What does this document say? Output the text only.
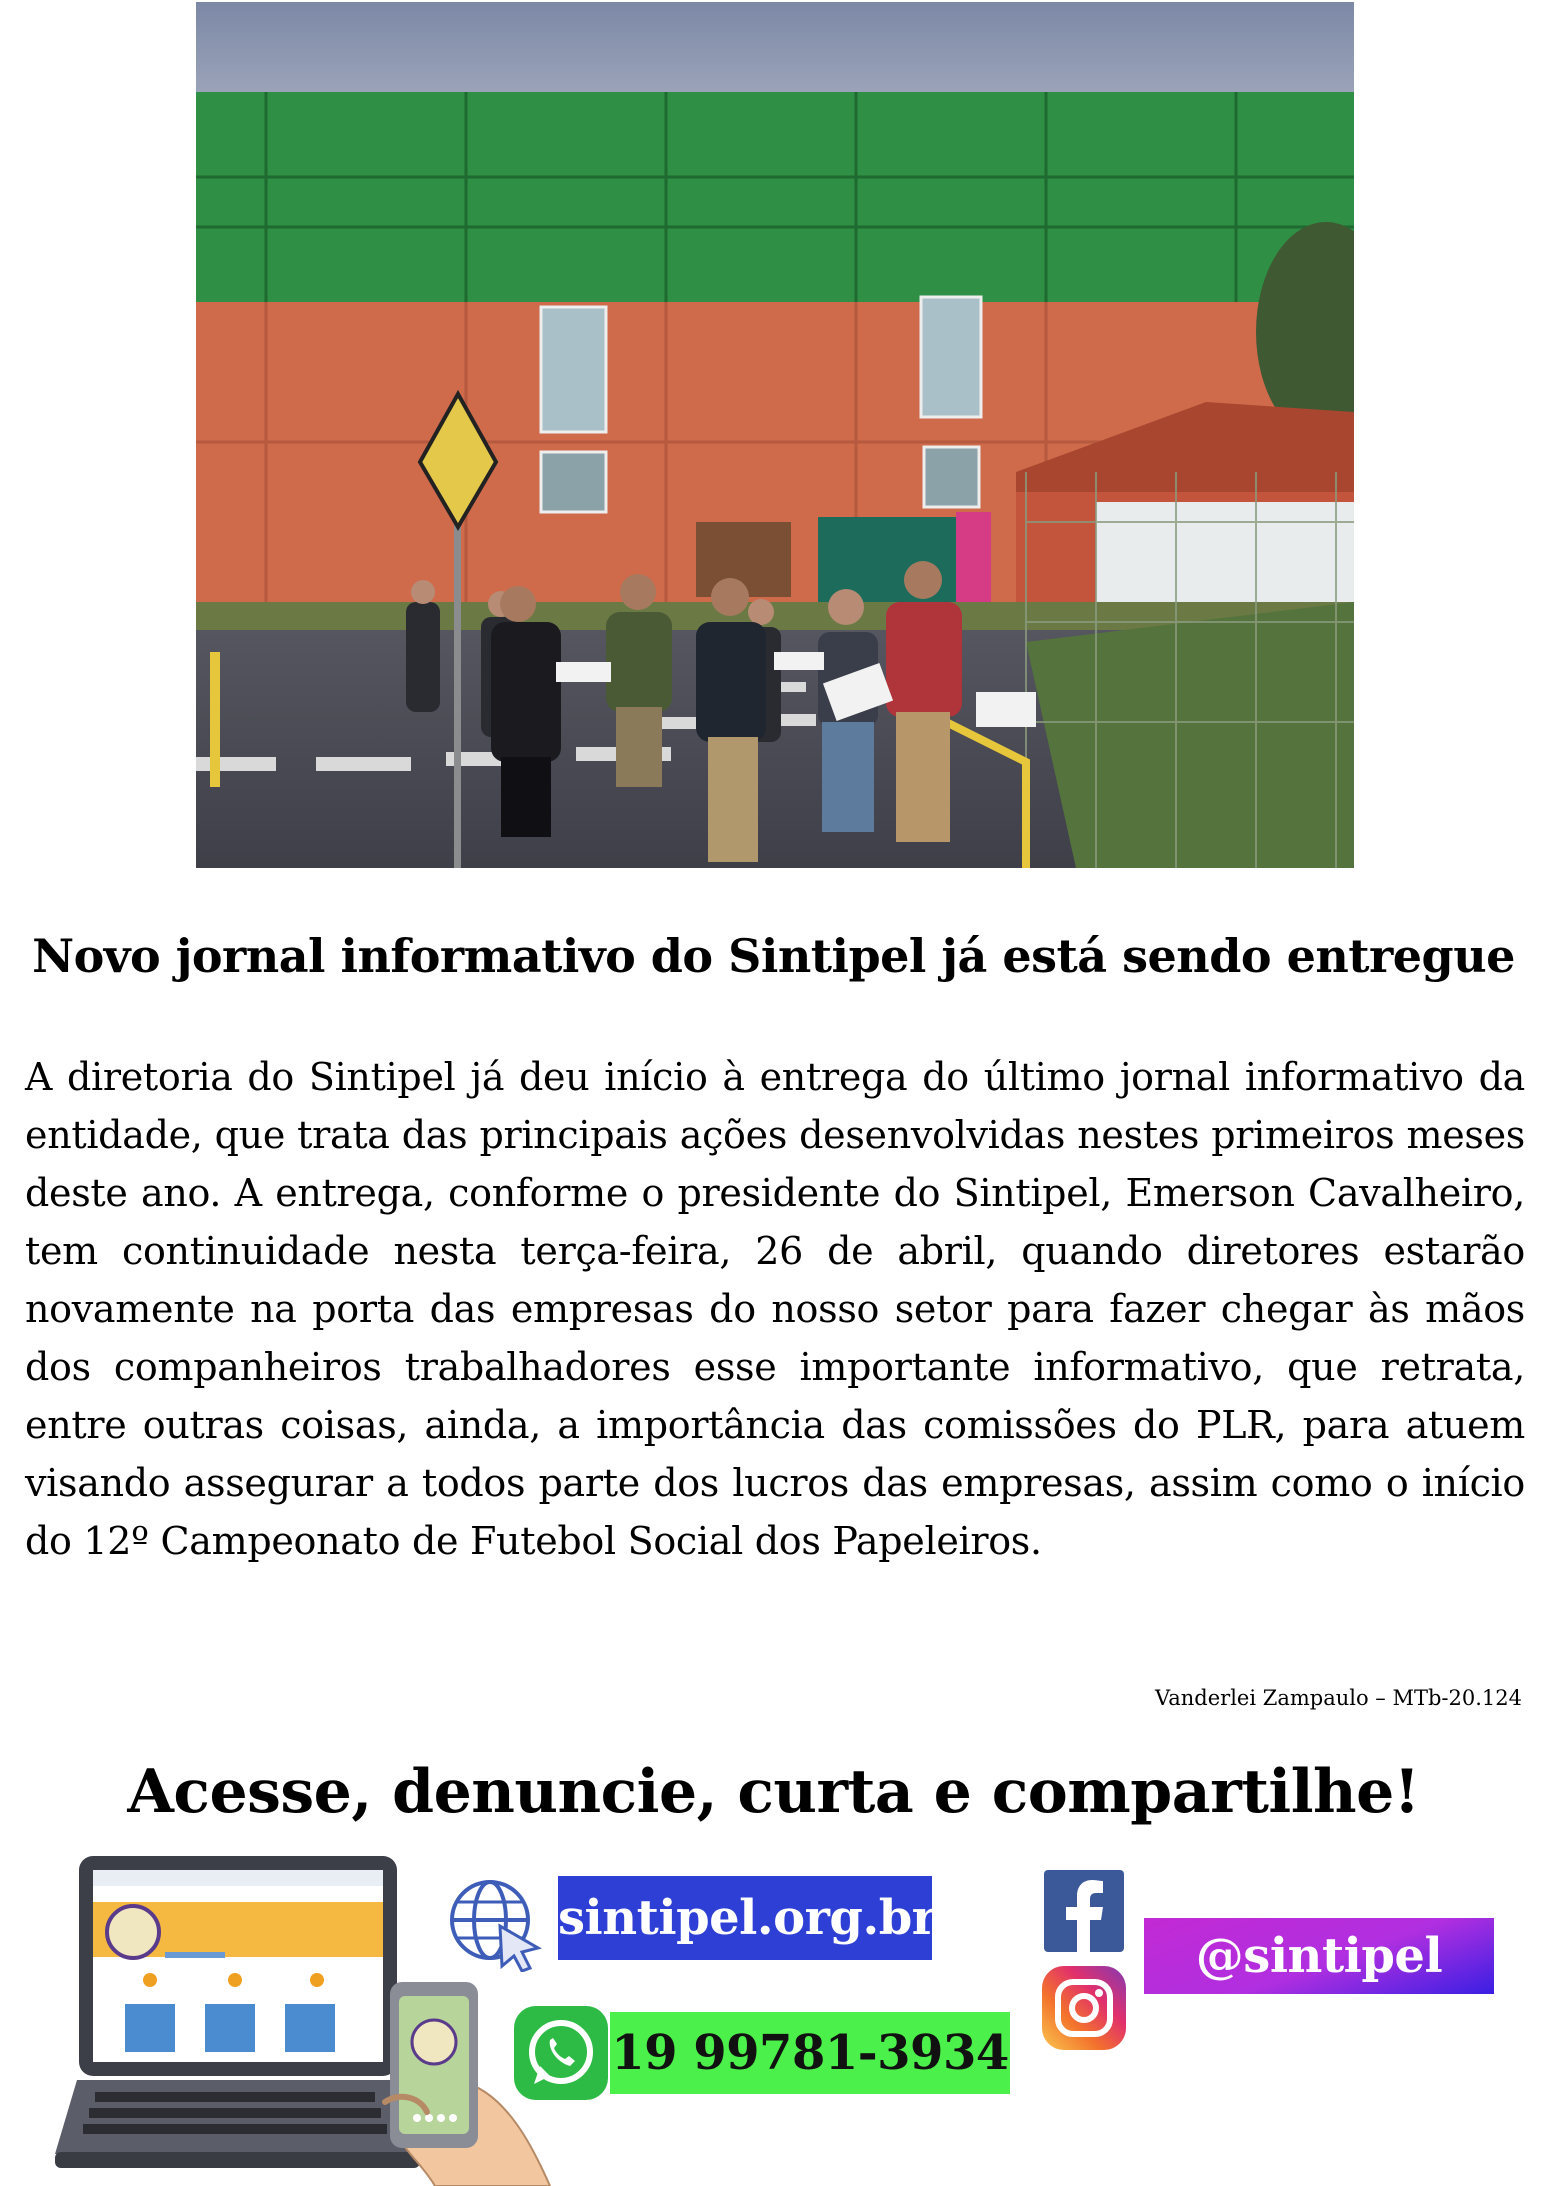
Novo jornal informativo do Sintipel já está sendo entregue
A diretoria do Sintipel já deu início à entrega do último jornal informativo da entidade, que trata das principais ações desenvolvidas nestes primeiros meses deste ano. A entrega, conforme o presidente do Sintipel, Emerson Cavalheiro, tem continuidade nesta terça-feira, 26 de abril, quando diretores estarão novamente na porta das empresas do nosso setor para fazer chegar às mãos dos companheiros trabalhadores esse importante informativo, que retrata, entre outras coisas, ainda, a importância das comissões do PLR, para atuem visando assegurar a todos parte dos lucros das empresas, assim como o início do 12º Campeonato de Futebol Social dos Papeleiros.
Vanderlei Zampaulo – MTb-20.124
Acesse, denuncie, curta e compartilhe!
sintipel.org.br
19 99781-3934
@sintipel
